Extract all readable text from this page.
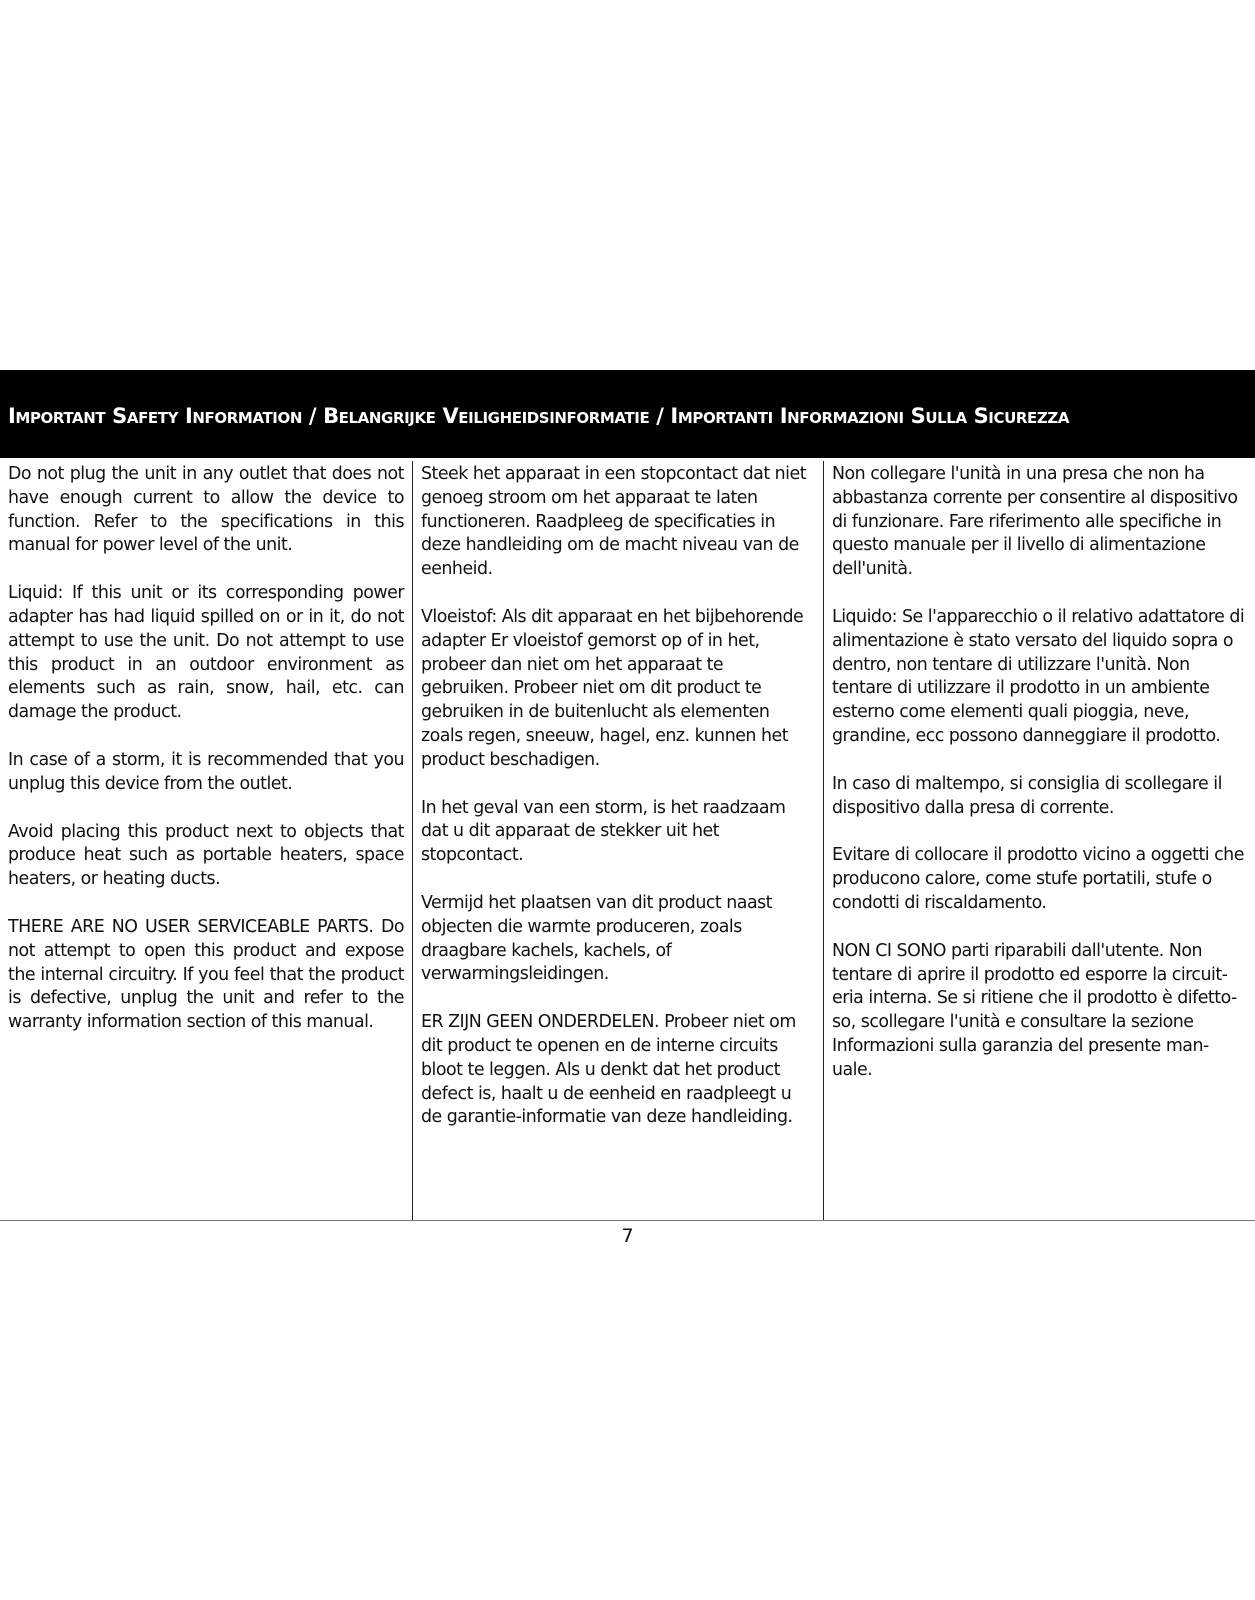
Important Safety Information / Belangrijke Veiligheidsinformatie / Importanti Informazioni Sulla Sicurezza

Do not plug the unit in any outlet that does not have enough current to allow the device to function. Refer to the specifications in this manual for power level of the unit.

Liquid: If this unit or its corresponding power adapter has had liquid spilled on or in it, do not attempt to use the unit. Do not attempt to use this product in an outdoor environment as elements such as rain, snow, hail, etc. can damage the product.

In case of a storm, it is recommended that you unplug this device from the outlet.

Avoid placing this product next to objects that produce heat such as portable heaters, space heaters, or heating ducts.

THERE ARE NO USER SERVICEABLE PARTS. Do not attempt to open this product and expose the internal circuitry. If you feel that the product is defective, unplug the unit and refer to the warranty information section of this manual.

Steek het apparaat in een stopcontact dat niet genoeg stroom om het apparaat te laten functioneren. Raadpleeg de specificaties in deze handleiding om de macht niveau van de eenheid.

Vloeistof: Als dit apparaat en het bijbehorende adapter Er vloeistof gemorst op of in het, probeer dan niet om het apparaat te gebruiken. Probeer niet om dit product te gebruiken in de buitenlucht als elementen zoals regen, sneeuw, hagel, enz. kunnen het product beschadigen.

In het geval van een storm, is het raadzaam dat u dit apparaat de stekker uit het stopcontact.

Vermijd het plaatsen van dit product naast objecten die warmte produceren, zoals draagbare kachels, kachels, of verwarmingsleidingen.

ER ZIJN GEEN ONDERDELEN. Probeer niet om dit product te openen en de interne circuits bloot te leggen. Als u denkt dat het product defect is, haalt u de eenheid en raadpleegt u de garantie-informatie van deze handleiding.

Non collegare l'unità in una presa che non ha abbastanza corrente per consentire al dispositivo di funzionare. Fare riferimento alle specifiche in questo manuale per il livello di alimentazione dell'unità.

Liquido: Se l'apparecchio o il relativo adattatore di alimentazione è stato versato del liquido sopra o dentro, non tentare di utilizzare l'unità. Non tentare di utilizzare il prodotto in un ambiente esterno come elementi quali pioggia, neve, grandine, ecc possono danneggiare il prodotto.

In caso di maltempo, si consiglia di scollegare il dispositivo dalla presa di corrente.

Evitare di collocare il prodotto vicino a oggetti che producono calore, come stufe portatili, stufe o condotti di riscaldamento.

NON CI SONO parti riparabili dall'utente. Non tentare di aprire il prodotto ed esporre la circuit-eria interna. Se si ritiene che il prodotto è difetto-so, scollegare l'unità e consultare la sezione Informazioni sulla garanzia del presente man-uale.

7
